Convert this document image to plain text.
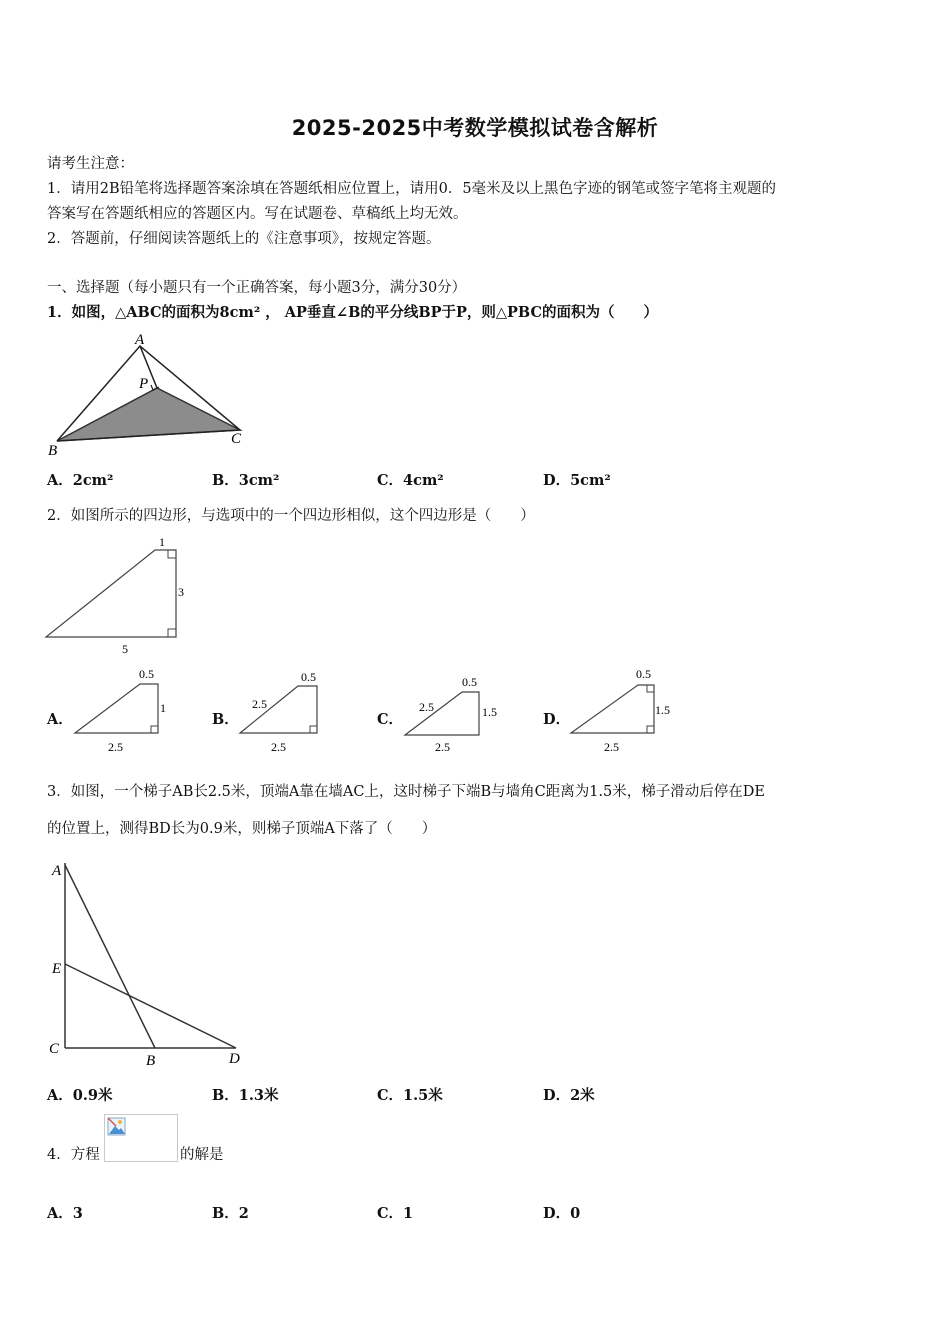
2025-2025中考数学模拟试卷含解析
请考生注意：
1．请用2B铅笔将选择题答案涂填在答题纸相应位置上，请用0．5毫米及以上黑色字迹的钢笔或签字笔将主观题的
答案写在答题纸相应的答题区内。写在试题卷、草稿纸上均无效。
2．答题前，仔细阅读答题纸上的《注意事项》，按规定答题。
一、选择题（每小题只有一个正确答案，每小题3分，满分30分）
1．如图，△ABC的面积为8cm² ， AP垂直∠B的平分线BP于P，则△PBC的面积为（　　）
A
P
B
C
A．2cm²	B．3cm²	C．4cm²	D．5cm²
2．如图所示的四边形，与选项中的一个四边形相似，这个四边形是（　　）
1
3
5
A．
0.5
1
2.5
B．
0.5
2.5
2.5
C．
0.5
2.5	1.5
2.5
D．
0.5
1.5
2.5
3．如图，一个梯子AB长2.5米，顶端A靠在墙AC上，这时梯子下端B与墙角C距离为1.5米，梯子滑动后停在DE
的位置上，测得BD长为0.9米，则梯子顶端A下落了（　　）
A
E
C
B	D
A．0.9米	B．1.3米	C．1.5米	D．2米
4．方程	的解是
A．3	B．2	C．1	D．0
